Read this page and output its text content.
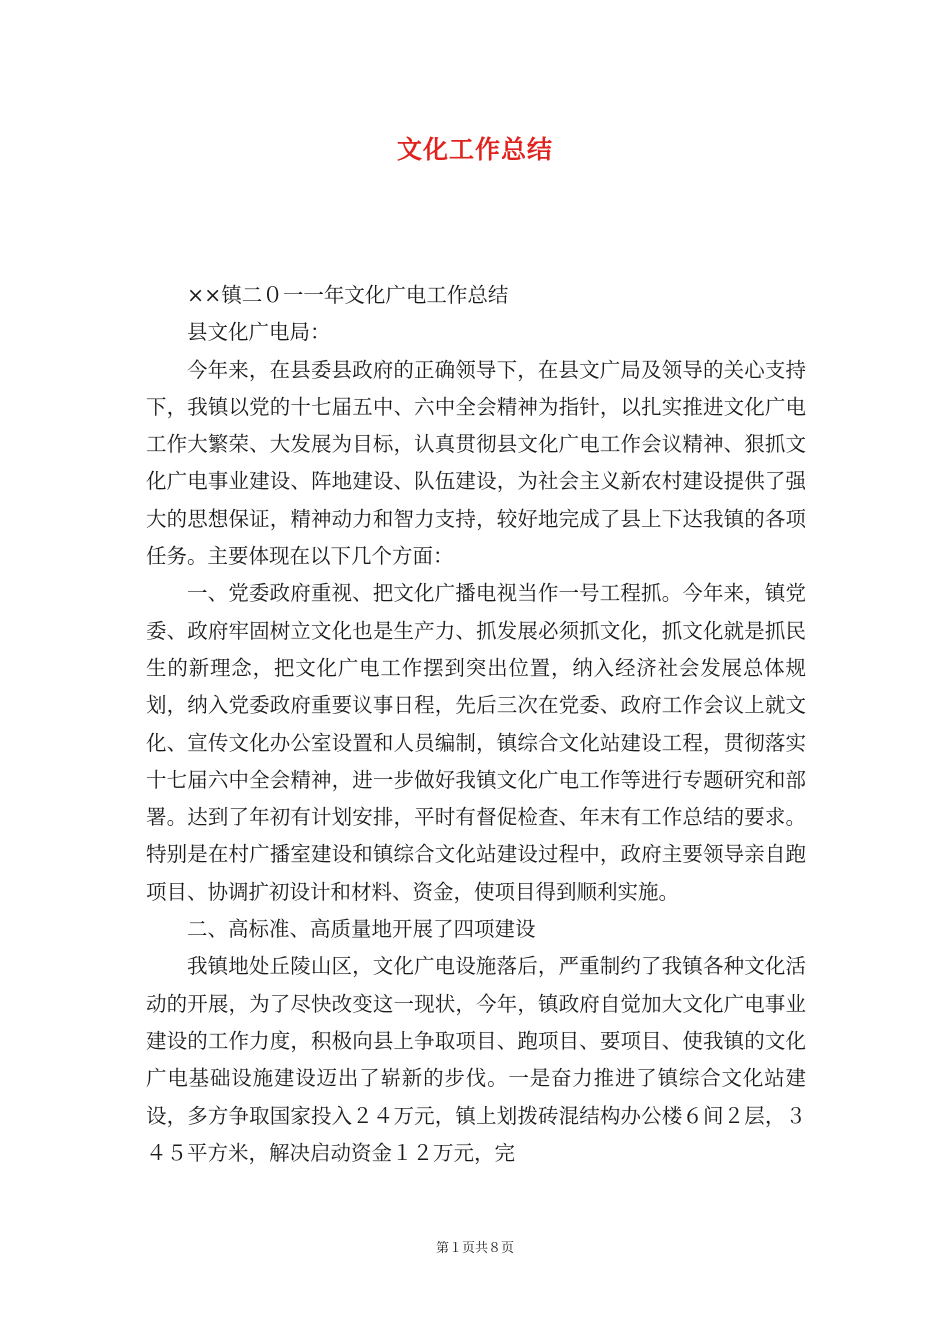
文化工作总结

××镇二０一一年文化广电工作总结

县文化广电局：

今年来，在县委县政府的正确领导下，在县文广局及领导的关心支持下，我镇以党的十七届五中、六中全会精神为指针，以扎实推进文化广电工作大繁荣、大发展为目标，认真贯彻县文化广电工作会议精神、狠抓文化广电事业建设、阵地建设、队伍建设，为社会主义新农村建设提供了强大的思想保证，精神动力和智力支持，较好地完成了县上下达我镇的各项任务。主要体现在以下几个方面：

一、党委政府重视、把文化广播电视当作一号工程抓。今年来，镇党委、政府牢固树立文化也是生产力、抓发展必须抓文化，抓文化就是抓民生的新理念，把文化广电工作摆到突出位置，纳入经济社会发展总体规划，纳入党委政府重要议事日程，先后三次在党委、政府工作会议上就文化、宣传文化办公室设置和人员编制，镇综合文化站建设工程，贯彻落实十七届六中全会精神，进一步做好我镇文化广电工作等进行专题研究和部署。达到了年初有计划安排，平时有督促检查、年末有工作总结的要求。特别是在村广播室建设和镇综合文化站建设过程中，政府主要领导亲自跑项目、协调扩初设计和材料、资金，使项目得到顺利实施。

二、高标准、高质量地开展了四项建设

我镇地处丘陵山区，文化广电设施落后，严重制约了我镇各种文化活动的开展，为了尽快改变这一现状，今年，镇政府自觉加大文化广电事业建设的工作力度，积极向县上争取项目、跑项目、要项目、使我镇的文化广电基础设施建设迈出了崭新的步伐。一是奋力推进了镇综合文化站建设，多方争取国家投入２４万元，镇上划拨砖混结构办公楼６间２层，３４５平方米，解决启动资金１２万元，完

第１页共８页
